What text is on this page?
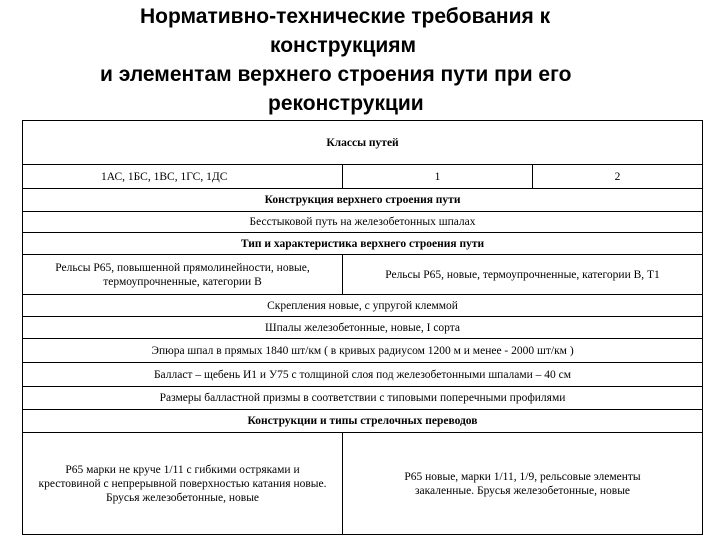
Нормативно-технические требования к
конструкциям
и элементам верхнего строения пути при его
реконструкции
Классы путей		
1АС, 1БС, 1ВС, 1ГС, 1ДС	1	2
Конструкция верхнего строения пути		
Бесстыковой путь на железобетонных шпалах		
Тип и характеристика верхнего строения пути		
Рельсы Р65, повышенной прямолинейности, новые, термоупрочненные, категории В	Рельсы Р65, новые, термоупрочненные, категории В, Т1	
Скрепления новые, с упругой клеммой		
Шпалы железобетонные, новые, I сорта		
Эпюра шпал в прямых 1840 шт/км ( в кривых радиусом 1200 м и менее - 2000 шт/км )		
Балласт – щебень И1 и У75 с толщиной слоя под железобетонными шпалами – 40 см		
Размеры балластной призмы в соответствии с типовыми поперечными профилями		
Конструкции и типы стрелочных переводов		
Р65 марки не круче 1/11 с гибкими остряками и крестовиной с непрерывной поверхностью катания новые. Брусья железобетонные, новые	Р65 новые, марки 1/11, 1/9, рельсовые элементы закаленные. Брусья железобетонные, новые	
